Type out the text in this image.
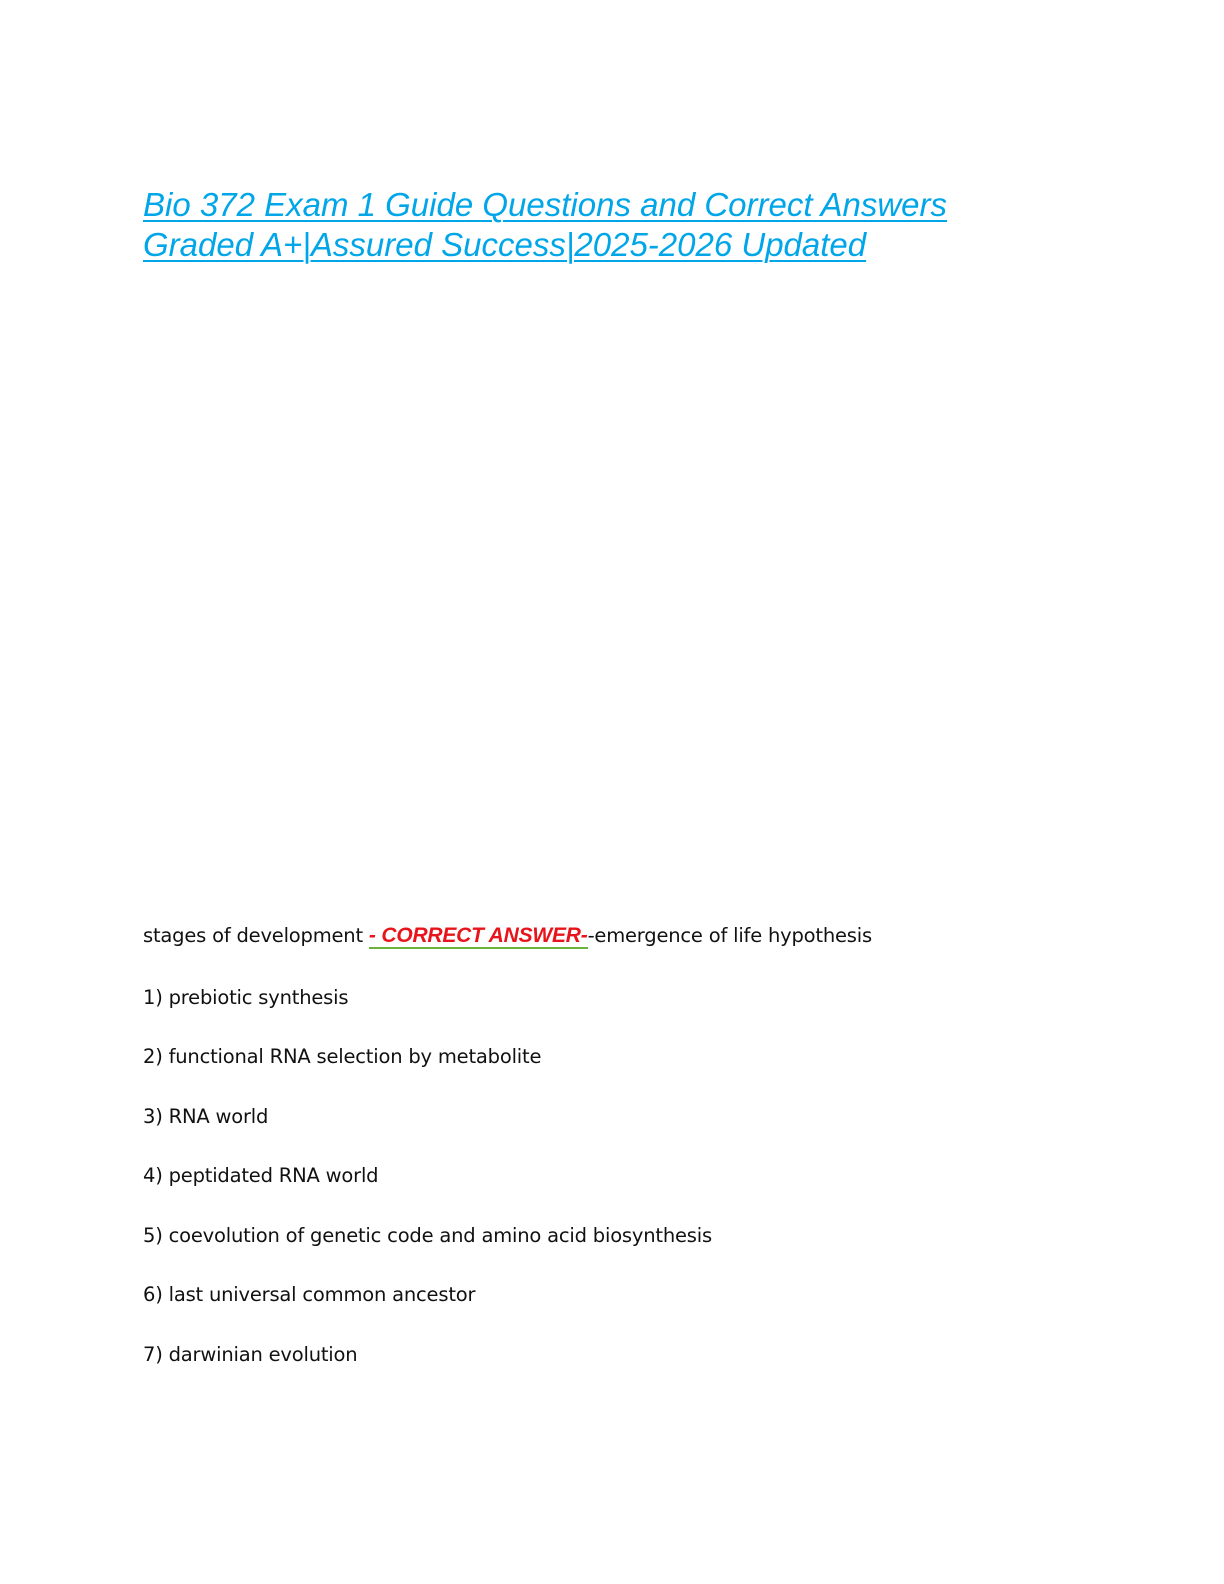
Bio 372 Exam 1 Guide Questions and Correct Answers
Graded A+|Assured Success|2025-2026 Updated
stages of development - CORRECT ANSWER--emergence of life hypothesis
1) prebiotic synthesis
2) functional RNA selection by metabolite
3) RNA world
4) peptidated RNA world
5) coevolution of genetic code and amino acid biosynthesis
6) last universal common ancestor
7) darwinian evolution
